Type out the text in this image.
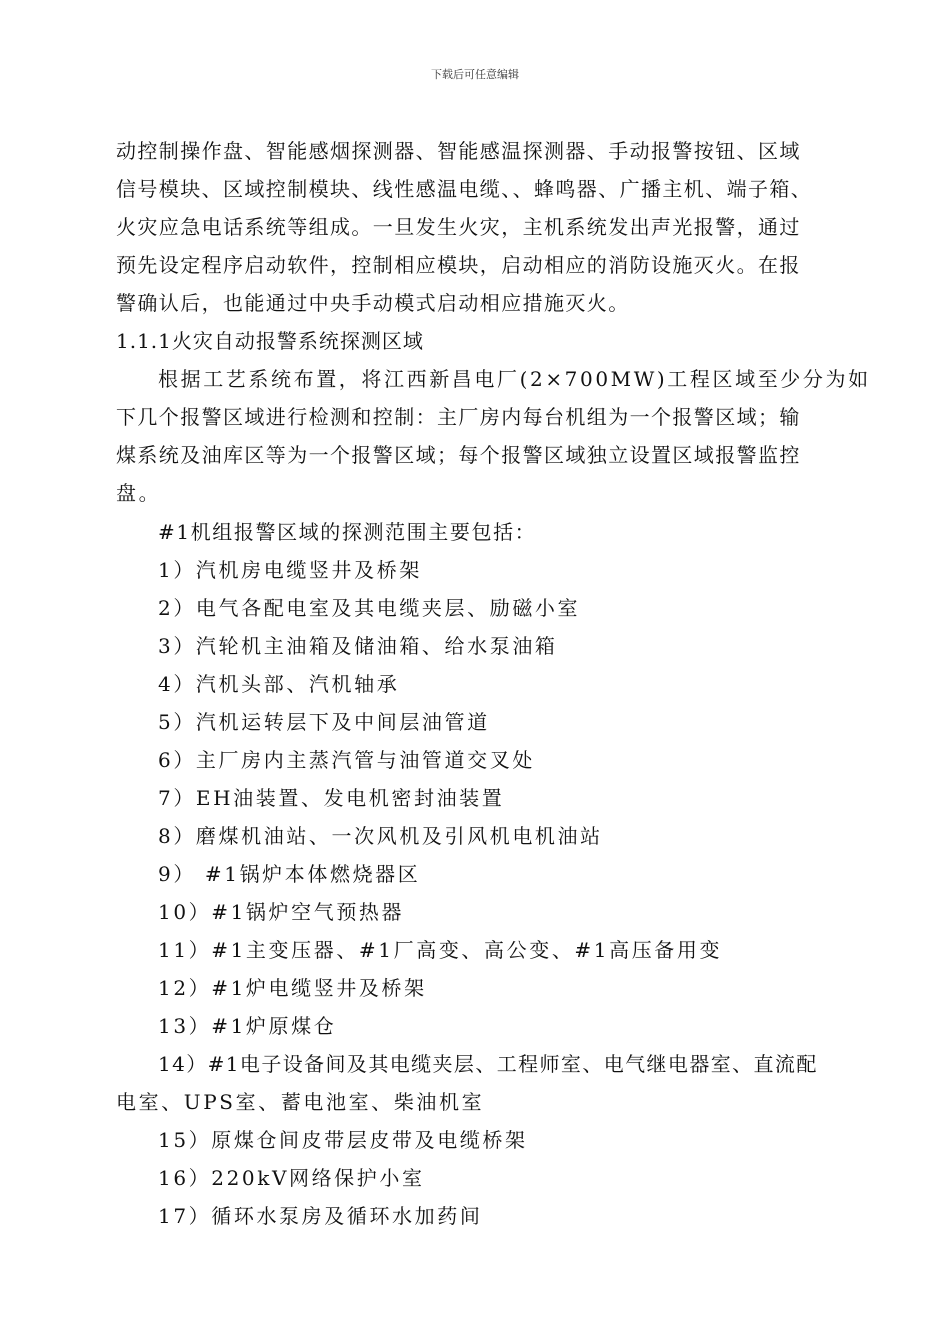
下载后可任意编辑
动控制操作盘、智能感烟探测器、智能感温探测器、手动报警按钮、区域
信号模块、区域控制模块、线性感温电缆、、蜂鸣器、广播主机、端子箱、
火灾应急电话系统等组成。一旦发生火灾，主机系统发出声光报警，通过
预先设定程序启动软件，控制相应模块，启动相应的消防设施灭火。在报
警确认后，也能通过中央手动模式启动相应措施灭火。
1.1.1火灾自动报警系统探测区域
根据工艺系统布置，将江西新昌电厂(2×700MW)工程区域至少分为如
下几个报警区域进行检测和控制：主厂房内每台机组为一个报警区域；输
煤系统及油库区等为一个报警区域；每个报警区域独立设置区域报警监控
盘。
#1机组报警区域的探测范围主要包括：
1）汽机房电缆竖井及桥架
2）电气各配电室及其电缆夹层、励磁小室
3）汽轮机主油箱及储油箱、给水泵油箱
4）汽机头部、汽机轴承
5）汽机运转层下及中间层油管道
6）主厂房内主蒸汽管与油管道交叉处
7）EH油装置、发电机密封油装置
8）磨煤机油站、一次风机及引风机电机油站
9） #1锅炉本体燃烧器区
10）#1锅炉空气预热器
11）#1主变压器、#1厂高变、高公变、#1高压备用变
12）#1炉电缆竖井及桥架
13）#1炉原煤仓
14）#1电子设备间及其电缆夹层、工程师室、电气继电器室、直流配
电室、UPS室、蓄电池室、柴油机室
15）原煤仓间皮带层皮带及电缆桥架
16）220kV网络保护小室
17）循环水泵房及循环水加药间
